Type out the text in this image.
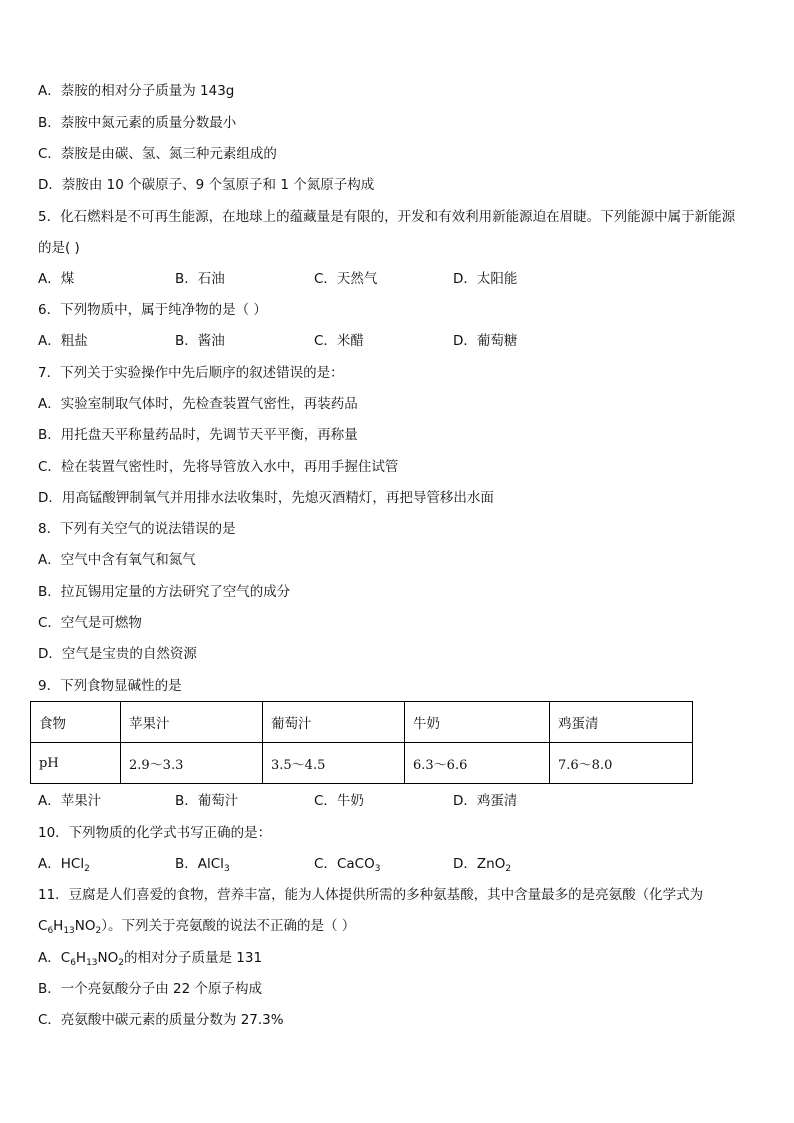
A．萘胺的相对分子质量为 143g
B．萘胺中氮元素的质量分数最小
C．萘胺是由碳、氢、氮三种元素组成的
D．萘胺由 10 个碳原子、9 个氢原子和 1 个氮原子构成
5．化石燃料是不可再生能源，在地球上的蕴藏量是有限的，开发和有效利用新能源迫在眉睫。下列能源中属于新能源
的是( )
A．煤	B．石油	C．天然气	D．太阳能
6．下列物质中，属于纯净物的是（ ）
A．粗盐	B．酱油	C．米醋	D．葡萄糖
7．下列关于实验操作中先后顺序的叙述错误的是：
A．实验室制取气体时，先检查装置气密性，再装药品
B．用托盘天平称量药品时，先调节天平平衡，再称量
C．检在装置气密性时，先将导管放入水中，再用手握住试管
D．用高锰酸钾制氧气并用排水法收集时，先熄灭酒精灯，再把导管移出水面
8．下列有关空气的说法错误的是
A．空气中含有氧气和氮气
B．拉瓦锡用定量的方法研究了空气的成分
C．空气是可燃物
D．空气是宝贵的自然资源
9．下列食物显碱性的是
食物	苹果汁	葡萄汁	牛奶	鸡蛋清
pH	2.9～3.3	3.5～4.5	6.3～6.6	7.6～8.0
A．苹果汁	B．葡萄汁	C．牛奶	D．鸡蛋清
10．下列物质的化学式书写正确的是：
A．HCl$_2$	B．AlCl$_3$	C．CaCO$_3$	D．ZnO$_2$
11．豆腐是人们喜爱的食物，营养丰富，能为人体提供所需的多种氨基酸，其中含量最多的是亮氨酸（化学式为
$C_6H_{13}NO_2$）。下列关于亮氨酸的说法不正确的是（ ）
A．$C_6H_{13}NO_2$的相对分子质量是 131
B．一个亮氨酸分子由 22 个原子构成
C．亮氨酸中碳元素的质量分数为 27.3%
